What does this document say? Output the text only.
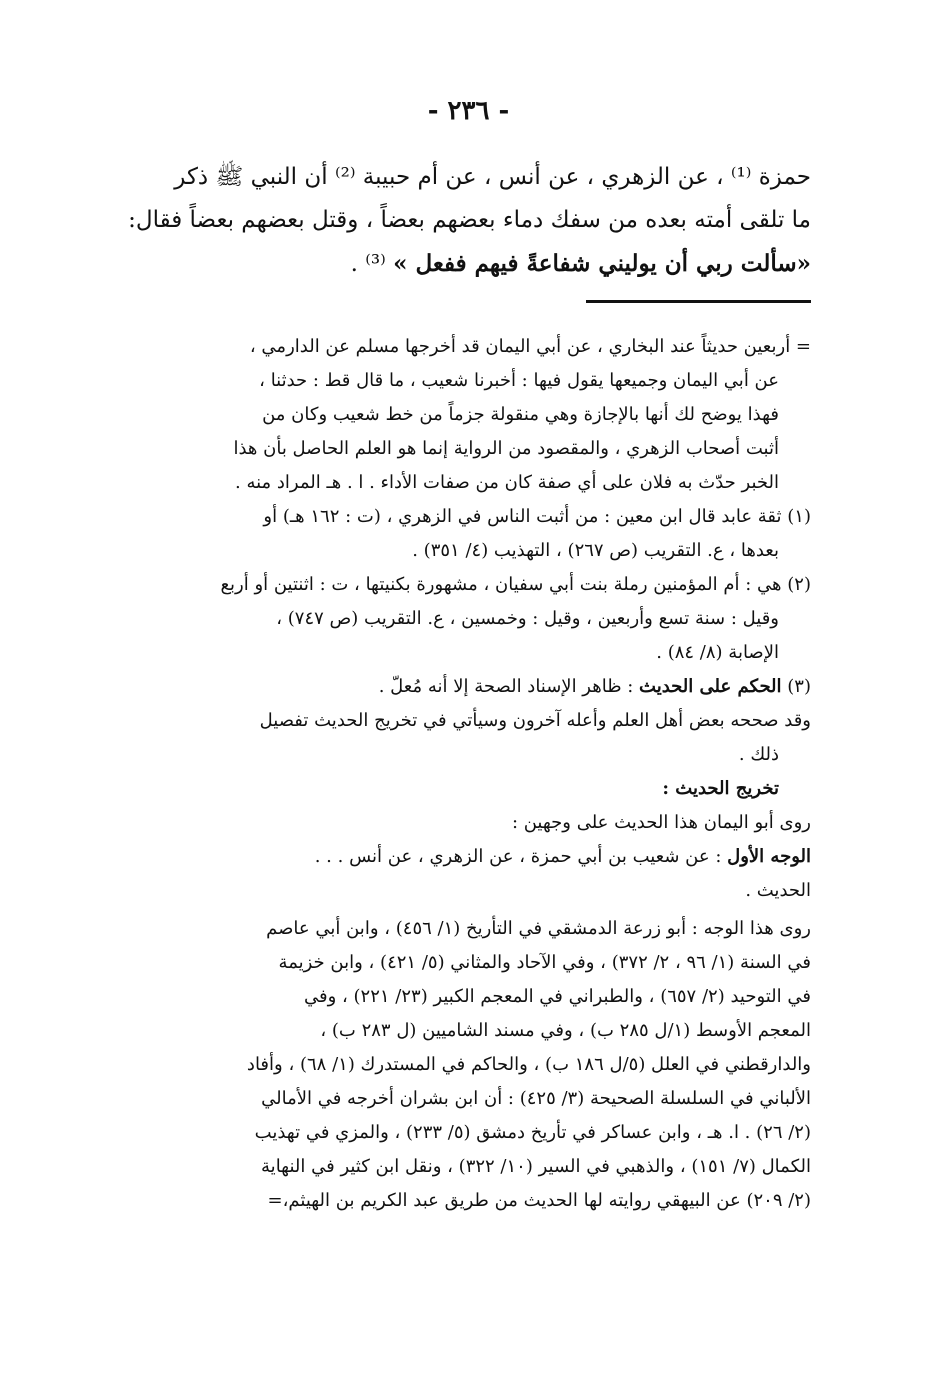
- ٢٣٦ -
حمزة ⁽¹⁾ ، عن الزهري ، عن أنس ، عن أم حبيبة ⁽²⁾ أن النبي ﷺ ذكر
ما تلقى أمته بعده من سفك دماء بعضهم بعضاً ، وقتل بعضهم بعضاً فقال:
«سألت ربي أن يوليني شفاعةً فيهم ففعل » ⁽³⁾ .
= أربعين حديثاً عند البخاري ، عن أبي اليمان قد أخرجها مسلم عن الدارمي ،
عن أبي اليمان وجميعها يقول فيها : أخبرنا شعيب ، ما قال قط : حدثنا ،
فهذا يوضح لك أنها بالإجازة وهي منقولة جزماً من خط شعيب وكان من
أثبت أصحاب الزهري ، والمقصود من الرواية إنما هو العلم الحاصل بأن هذا
الخبر حدّث به فلان على أي صفة كان من صفات الأداء . ا . هـ المراد منه .
(١) ثقة عابد قال ابن معين : من أثبت الناس في الزهري ، (ت : ١٦٢ هـ) أو
بعدها ، ع. التقريب (ص ٢٦٧) ، التهذيب (٤/ ٣٥١) .
(٢) هي : أم المؤمنين رملة بنت أبي سفيان ، مشهورة بكنيتها ، ت : اثنتين أو أربع
وقيل : سنة تسع وأربعين ، وقيل : وخمسين ، ع. التقريب (ص ٧٤٧) ،
الإصابة (٨/ ٨٤) .
(٣) الحكم على الحديث : ظاهر الإسناد الصحة إلا أنه مُعلّ .
وقد صححه بعض أهل العلم وأعله آخرون وسيأتي في تخريج الحديث تفصيل
ذلك .
تخريج الحديث :
روى أبو اليمان هذا الحديث على وجهين :
الوجه الأول : عن شعيب بن أبي حمزة ، عن الزهري ، عن أنس . . .
الحديث .
روى هذا الوجه : أبو زرعة الدمشقي في التأريخ (١/ ٤٥٦) ، وابن أبي عاصم
في السنة (١/ ٩٦ ، ٢/ ٣٧٢) ، وفي الآحاد والمثاني (٥/ ٤٢١) ، وابن خزيمة
في التوحيد (٢/ ٦٥٧) ، والطبراني في المعجم الكبير (٢٣/ ٢٢١) ، وفي
المعجم الأوسط (١/ل ٢٨٥ ب) ، وفي مسند الشاميين (ل ٢٨٣ ب) ،
والدارقطني في العلل (٥/ل ١٨٦ ب) ، والحاكم في المستدرك (١/ ٦٨) ، وأفاد
الألباني في السلسلة الصحيحة (٣/ ٤٢٥) : أن ابن بشران أخرجه في الأمالي
(٢/ ٢٦) . ا. هـ ، وابن عساكر في تأريخ دمشق (٥/ ٢٣٣) ، والمزي في تهذيب
الكمال (٧/ ١٥١) ، والذهبي في السير (١٠/ ٣٢٢) ، ونقل ابن كثير في النهاية
(٢/ ٢٠٩) عن البيهقي روايته لها الحديث من طريق عبد الكريم بن الهيثم،=
